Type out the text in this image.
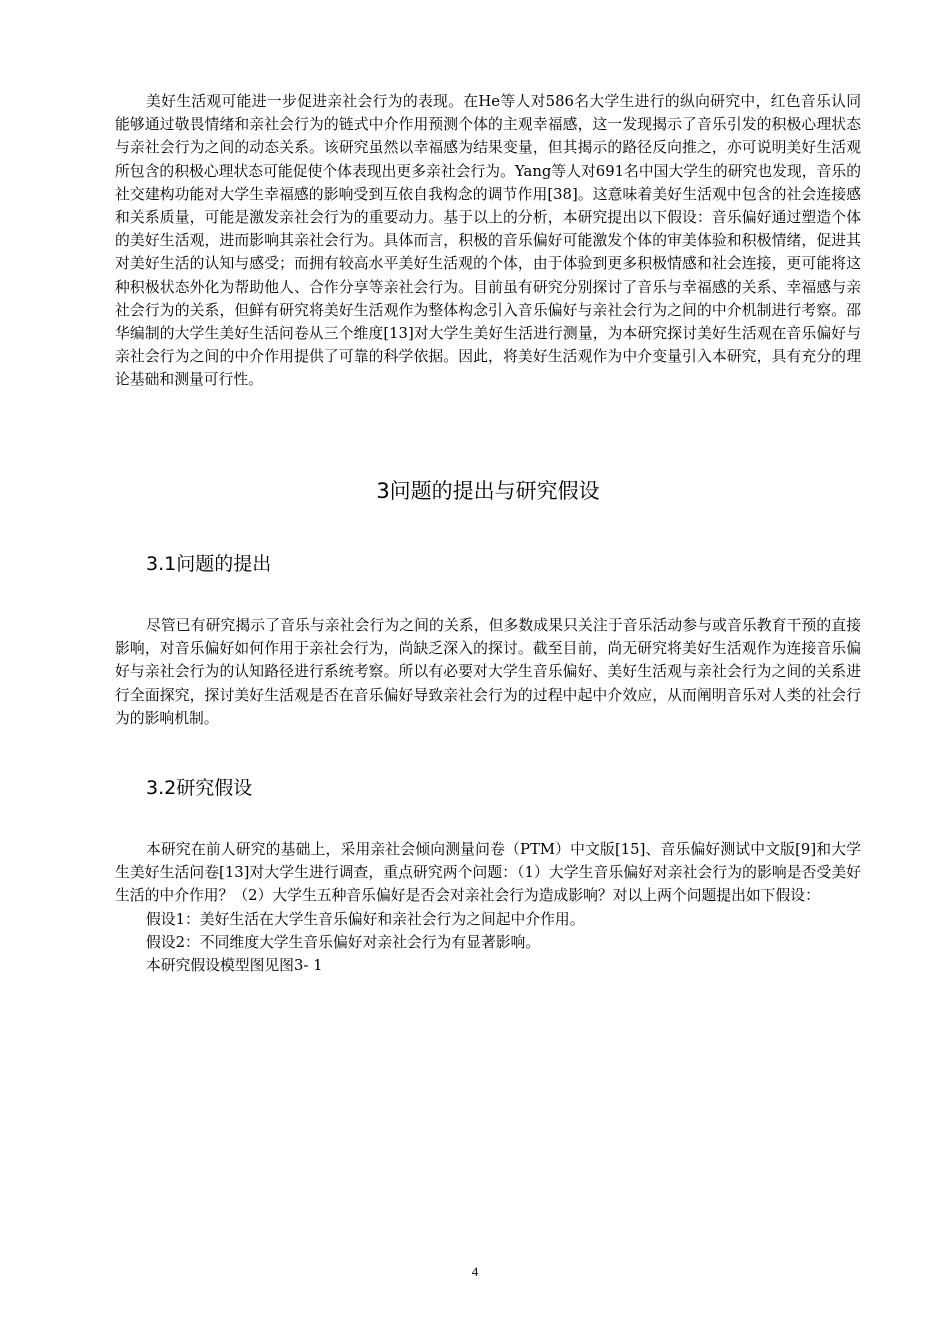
美好生活观可能进一步促进亲社会行为的表现。在He等人对586名大学生进行的纵向研究中，红色音乐认同能够通过敬畏情绪和亲社会行为的链式中介作用预测个体的主观幸福感，这一发现揭示了音乐引发的积极心理状态与亲社会行为之间的动态关系。该研究虽然以幸福感为结果变量，但其揭示的路径反向推之，亦可说明美好生活观所包含的积极心理状态可能促使个体表现出更多亲社会行为。Yang等人对691名中国大学生的研究也发现，音乐的社交建构功能对大学生幸福感的影响受到互依自我构念的调节作用[38]。这意味着美好生活观中包含的社会连接感和关系质量，可能是激发亲社会行为的重要动力。基于以上的分析，本研究提出以下假设：音乐偏好通过塑造个体的美好生活观，进而影响其亲社会行为。具体而言，积极的音乐偏好可能激发个体的审美体验和积极情绪，促进其对美好生活的认知与感受；而拥有较高水平美好生活观的个体，由于体验到更多积极情感和社会连接，更可能将这种积极状态外化为帮助他人、合作分享等亲社会行为。目前虽有研究分别探讨了音乐与幸福感的关系、幸福感与亲社会行为的关系，但鲜有研究将美好生活观作为整体构念引入音乐偏好与亲社会行为之间的中介机制进行考察。邵华编制的大学生美好生活问卷从三个维度[13]对大学生美好生活进行测量，为本研究探讨美好生活观在音乐偏好与亲社会行为之间的中介作用提供了可靠的科学依据。因此，将美好生活观作为中介变量引入本研究，具有充分的理论基础和测量可行性。

3问题的提出与研究假设
3.1问题的提出

尽管已有研究揭示了音乐与亲社会行为之间的关系，但多数成果只关注于音乐活动参与或音乐教育干预的直接影响，对音乐偏好如何作用于亲社会行为，尚缺乏深入的探讨。截至目前，尚无研究将美好生活观作为连接音乐偏好与亲社会行为的认知路径进行系统考察。所以有必要对大学生音乐偏好、美好生活观与亲社会行为之间的关系进行全面探究，探讨美好生活观是否在音乐偏好导致亲社会行为的过程中起中介效应，从而阐明音乐对人类的社会行为的影响机制。

3.2研究假设

本研究在前人研究的基础上，采用亲社会倾向测量问卷（PTM）中文版[15]、音乐偏好测试中文版[9]和大学生美好生活问卷[13]对大学生进行调查，重点研究两个问题：（1）大学生音乐偏好对亲社会行为的影响是否受美好生活的中介作用？（2）大学生五种音乐偏好是否会对亲社会行为造成影响？对以上两个问题提出如下假设：

假设1：美好生活在大学生音乐偏好和亲社会行为之间起中介作用。

假设2：不同维度大学生音乐偏好对亲社会行为有显著影响。

本研究假设模型图见图3- 1

4
